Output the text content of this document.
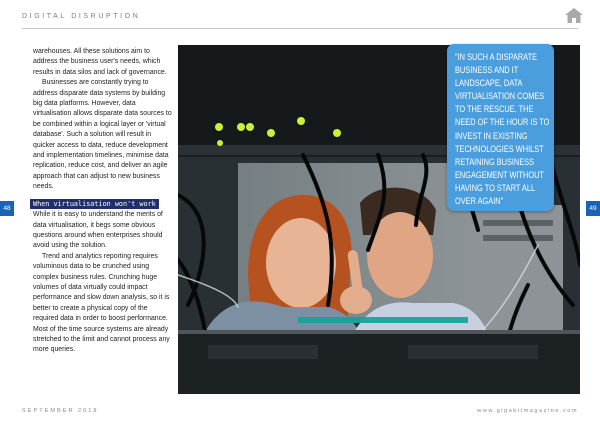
DIGITAL DISRUPTION
48	49

warehouses. All these solutions aim to address the business user's needs, which results in data silos and lack of governance.

Businesses are constantly trying to address disparate data systems by building big data platforms. However, data virtualisation allows disparate data sources to be combined within a logical layer or 'virtual database'. Such a solution will result in quicker access to data, reduce development and implementation timelines, minimise data replication, reduce cost, and deliver an agile approach that can adjust to new business needs.

When virtualisation won't work

While it is easy to understand the merits of data virtualisation, it begs some obvious questions around when enterprises should avoid using the solution.

Trend and analytics reporting requires voluminous data to be crunched using complex business rules. Crunching huge volumes of data virtually could impact performance and slow down analysis, so it is better to create a physical copy of the required data in order to boost performance. Most of the time source systems are already stretched to the limit and cannot process any more queries.

"IN SUCH A DISPARATE BUSINESS AND IT LANDSCAPE, DATA VIRTUALISATION COMES TO THE RESCUE. THE NEED OF THE HOUR IS TO INVEST IN EXISTING TECHNOLOGIES WHILST RETAINING BUSINESS ENGAGEMENT WITHOUT HAVING TO START ALL OVER AGAIN"
SEPTEMBER 2018	www.gigabitmagazine.com
